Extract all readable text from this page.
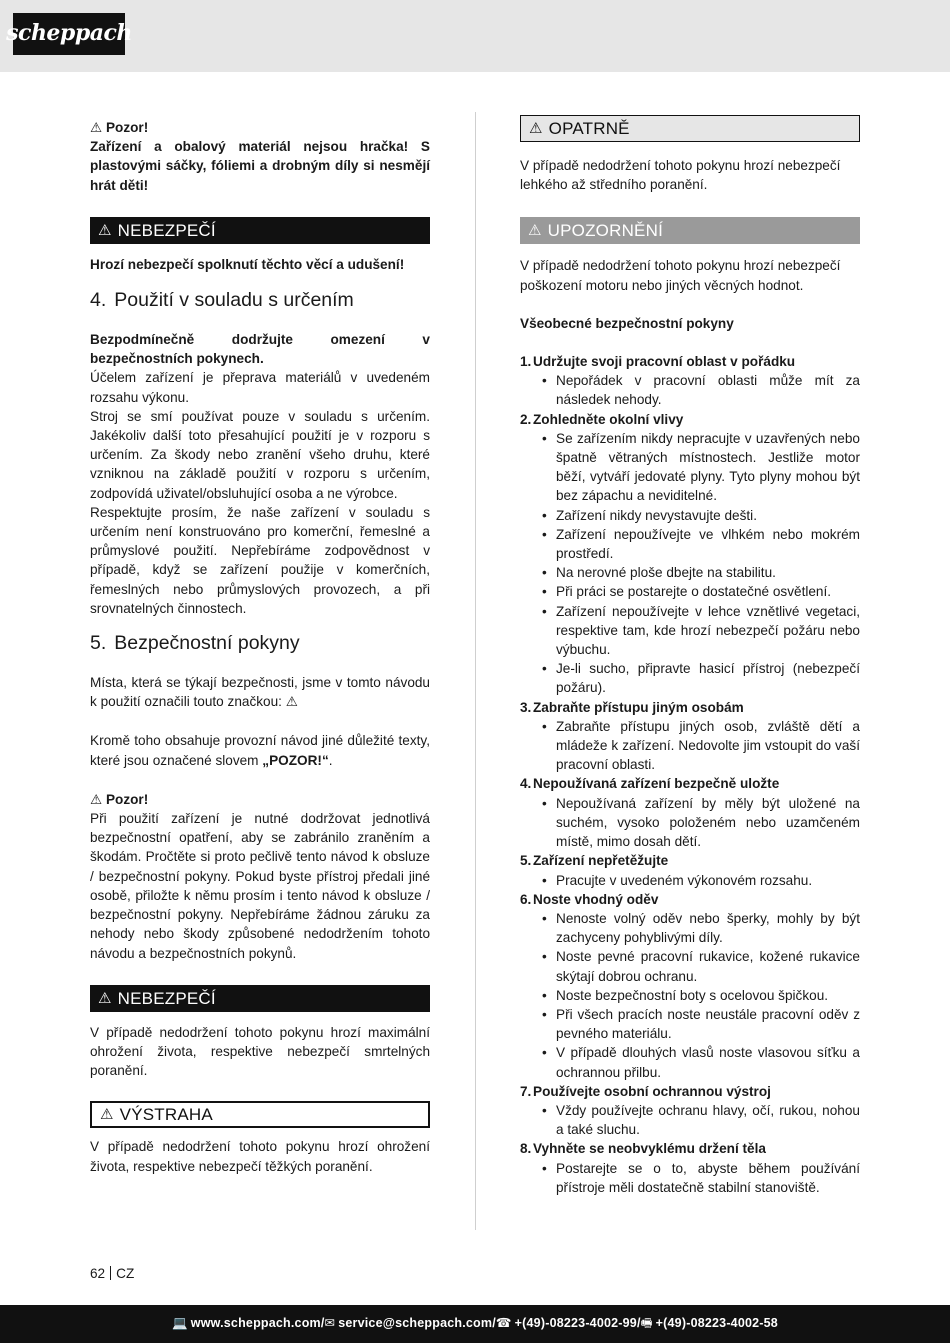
scheppach

⚠ Pozor!

Zařízení a obalový materiál nejsou hračka! S plastovými sáčky, fóliemi a drobným díly si nesmějí hrát děti!

⚠ NEBEZPEČÍ

Hrozí nebezpečí spolknutí těchto věcí a udušení!

4. Použití v souladu s určením

Bezpodmínečně dodržujte omezení v bezpečnostních pokynech.

Účelem zařízení je přeprava materiálů v uvedeném rozsahu výkonu.

Stroj se smí používat pouze v souladu s určením. Jakékoliv další toto přesahující použití je v rozporu s určením. Za škody nebo zranění všeho druhu, které vzniknou na základě použití v rozporu s určením, zodpovídá uživatel/obsluhující osoba a ne výrobce.

Respektujte prosím, že naše zařízení v souladu s určením není konstruováno pro komerční, řemeslné a průmyslové použití. Nepřebíráme zodpovědnost v případě, když se zařízení použije v komerčních, řemeslných nebo průmyslových provozech, a při srovnatelných činnostech.

5. Bezpečnostní pokyny

Místa, která se týkají bezpečnosti, jsme v tomto návodu k použití označili touto značkou: ⚠

Kromě toho obsahuje provozní návod jiné důležité texty, které jsou označené slovem „POZOR!“.

⚠ Pozor!

Při použití zařízení je nutné dodržovat jednotlivá bezpečnostní opatření, aby se zabránilo zraněním a škodám. Pročtěte si proto pečlivě tento návod k obsluze / bezpečnostní pokyny. Pokud byste přístroj předali jiné osobě, přiložte k němu prosím i tento návod k obsluze / bezpečnostní pokyny. Nepřebíráme žádnou záruku za nehody nebo škody způsobené nedodržením tohoto návodu a bezpečnostních pokynů.

⚠ NEBEZPEČÍ

V případě nedodržení tohoto pokynu hrozí maximální ohrožení života, respektive nebezpečí smrtelných poranění.

⚠ VÝSTRAHA

V případě nedodržení tohoto pokynu hrozí ohrožení života, respektive nebezpečí těžkých poranění.

⚠ OPATRNĚ

V případě nedodržení tohoto pokynu hrozí nebezpečí lehkého až středního poranění.

⚠ UPOZORNĚNÍ

V případě nedodržení tohoto pokynu hrozí nebezpečí poškození motoru nebo jiných věcných hodnot.

Všeobecné bezpečnostní pokyny

1. Udržujte svoji pracovní oblast v pořádku
• Nepořádek v pracovní oblasti může mít za následek nehody.
2. Zohledněte okolní vlivy
• Se zařízením nikdy nepracujte v uzavřených nebo špatně větraných místnostech. Jestliže motor běží, vytváří jedovaté plyny. Tyto plyny mohou být bez zápachu a neviditelné.
• Zařízení nikdy nevystavujte dešti.
• Zařízení nepoužívejte ve vlhkém nebo mokrém prostředí.
• Na nerovné ploše dbejte na stabilitu.
• Při práci se postarejte o dostatečné osvětlení.
• Zařízení nepoužívejte v lehce vznětlivé vegetaci, respektive tam, kde hrozí nebezpečí požáru nebo výbuchu.
• Je-li sucho, připravte hasicí přístroj (nebezpečí požáru).
3. Zabraňte přístupu jiným osobám
• Zabraňte přístupu jiných osob, zvláště dětí a mládeže k zařízení. Nedovolte jim vstoupit do vaší pracovní oblasti.
4. Nepoužívaná zařízení bezpečně uložte
• Nepoužívaná zařízení by měly být uložené na suchém, vysoko položeném nebo uzamčeném místě, mimo dosah dětí.
5. Zařízení nepřetěžujte
• Pracujte v uvedeném výkonovém rozsahu.
6. Noste vhodný oděv
• Nenoste volný oděv nebo šperky, mohly by být zachyceny pohyblivými díly.
• Noste pevné pracovní rukavice, kožené rukavice skýtají dobrou ochranu.
• Noste bezpečnostní boty s ocelovou špičkou.
• Při všech pracích noste neustále pracovní oděv z pevného materiálu.
• V případě dlouhých vlasů noste vlasovou síťku a ochrannou přilbu.
7. Používejte osobní ochrannou výstroj
• Vždy používejte ochranu hlavy, očí, rukou, nohou a také sluchu.
8. Vyhněte se neobvyklému držení těla
• Postarejte se o to, abyste během používání přístroje měli dostatečně stabilní stanoviště.
62 CZ
💻 www.scheppach.com / ✉ service@scheppach.com / ☎ +(49)-08223-4002-99 / 🖷 +(49)-08223-4002-58
